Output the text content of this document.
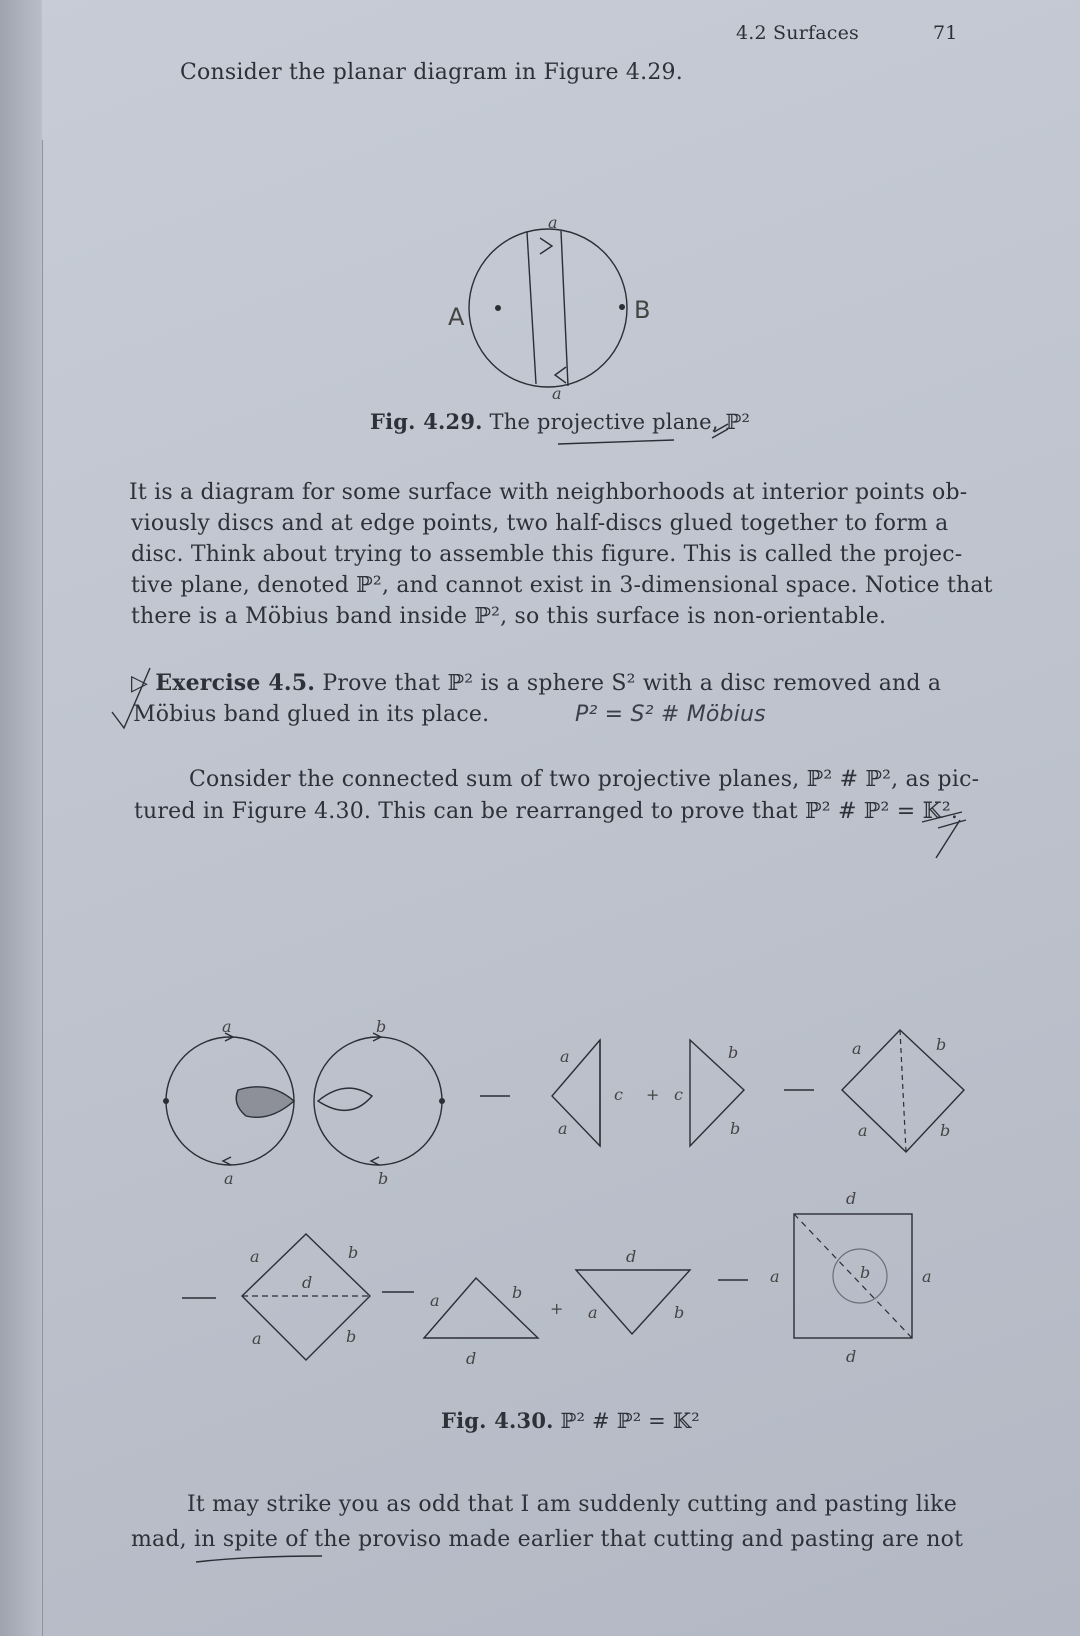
4.2 Surfaces	71
Consider the planar diagram in Figure 4.29.
a
a
A	B
Fig. 4.29. The projective plane, ℙ²
It is a diagram for some surface with neighborhoods at interior points ob-
viously discs and at edge points, two half-discs glued together to form a
disc. Think about trying to assemble this figure. This is called the projec-
tive plane, denoted ℙ², and cannot exist in 3-dimensional space. Notice that
there is a Möbius band inside ℙ², so this surface is non-orientable.
▷ Exercise 4.5. Prove that ℙ² is a sphere S² with a disc removed and a
Möbius band glued in its place.	P² = S² # Möbius
Consider the connected sum of two projective planes, ℙ² # ℙ², as pic-
tured in Figure 4.30. This can be rearranged to prove that ℙ² # ℙ² = 𝕂².
a
a
b
b
a
a
c + c
b
b
a
a
b
b
a
a
b
b
d
a	b
d
+
d
a	b
d
d
a	a
b
Fig. 4.30. ℙ² # ℙ² = 𝕂²
It may strike you as odd that I am suddenly cutting and pasting like
mad, in spite of the proviso made earlier that cutting and pasting are not
